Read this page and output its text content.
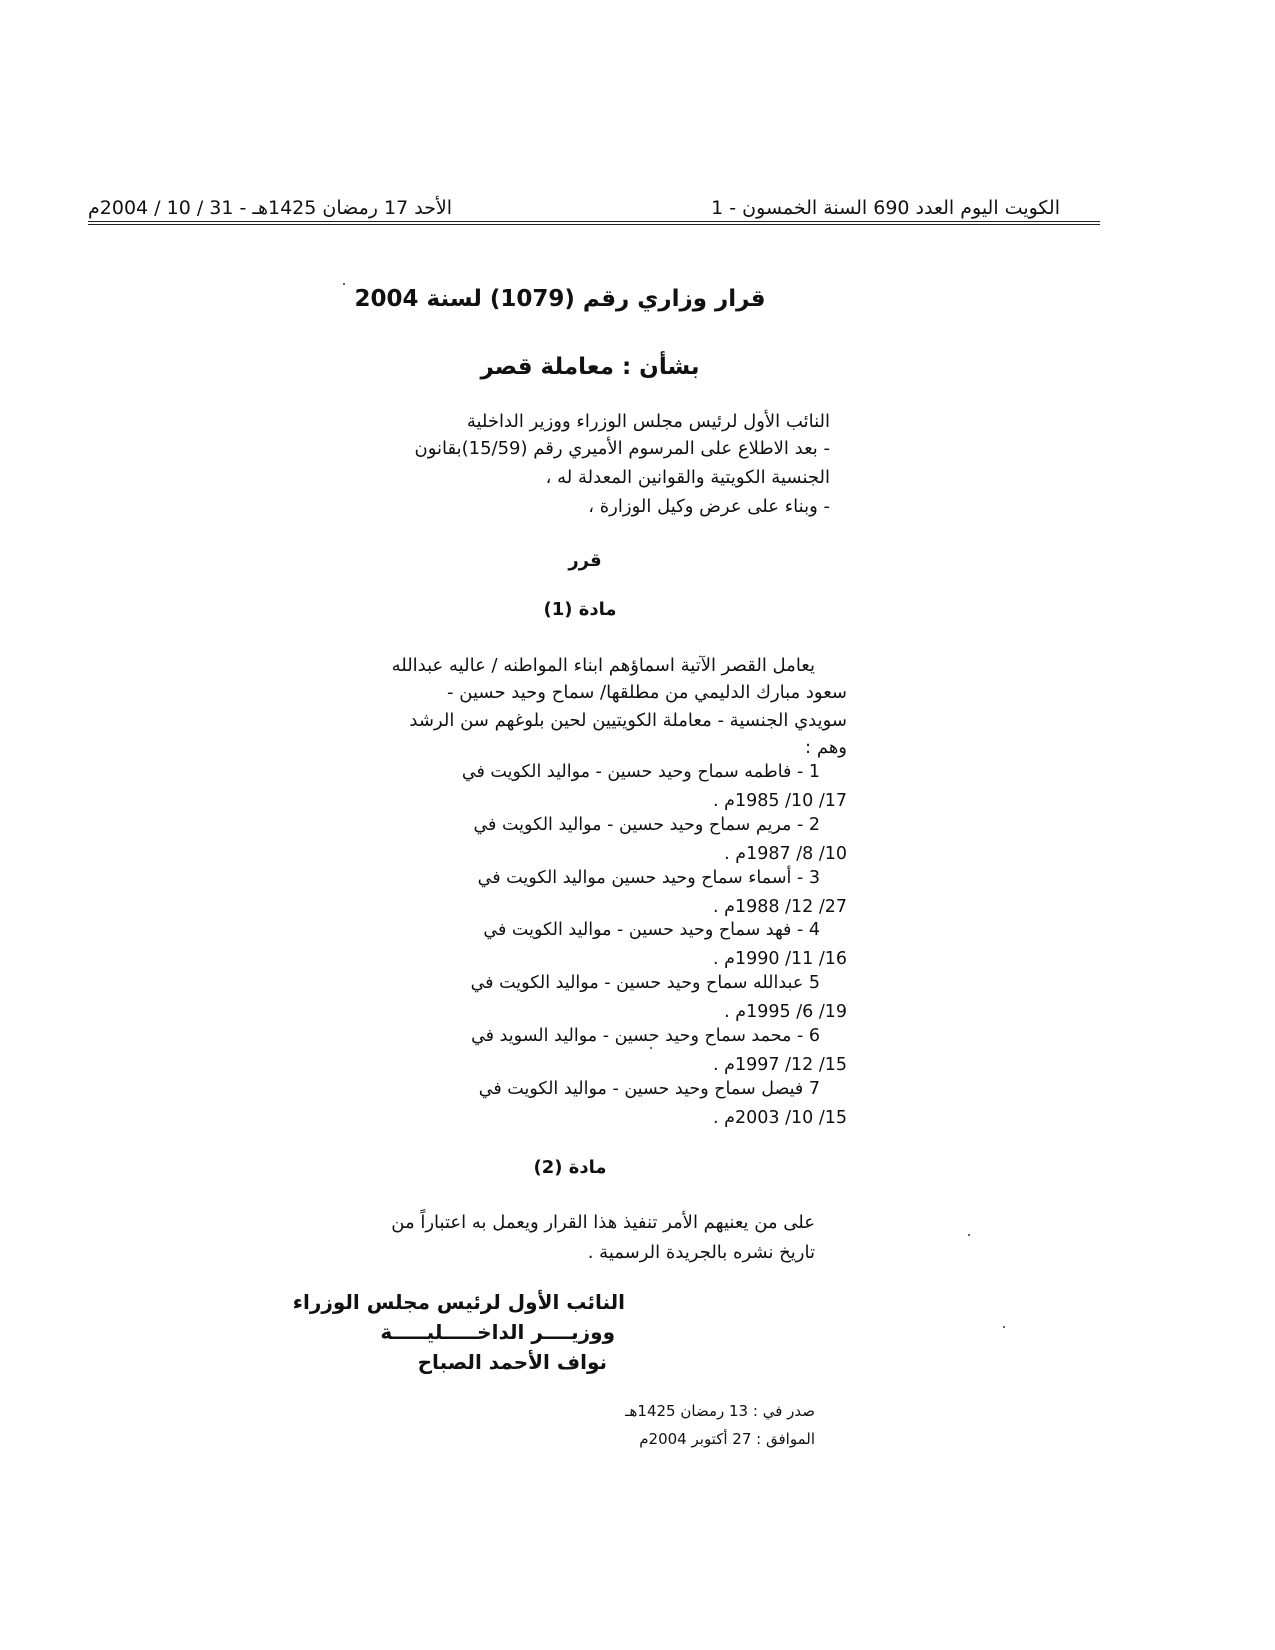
الكويت اليوم العدد 690 السنة الخمسون - 1
الأحد 17 رمضان 1425هـ - 31 / 10 / 2004م
قرار وزاري رقم (1079) لسنة 2004
بشأن : معاملة قصر
النائب الأول لرئيس مجلس الوزراء ووزير الداخلية
- بعد الاطلاع على المرسوم الأميري رقم (15/59)بقانون
الجنسية الكويتية والقوانين المعدلة له ،
- وبناء على عرض وكيل الوزارة ،
قرر
مادة (1)
يعامل القصر الآتية اسماؤهم ابناء المواطنه / عاليه عبدالله
سعود مبارك الدليمي من مطلقها/ سماح وحيد حسين -
سويدي الجنسية - معاملة الكويتيين لحين بلوغهم سن الرشد
وهم :
1 - فاطمه سماح وحيد حسين - مواليد الكويت في
17/ 10/ 1985م .
2 - مريم سماح وحيد حسين - مواليد الكويت في
10/ 8/ 1987م .
3 - أسماء سماح وحيد حسين مواليد الكويت في
27/ 12/ 1988م .
4 - فهد سماح وحيد حسين - مواليد الكويت في
16/ 11/ 1990م .
5 عبدالله سماح وحيد حسين - مواليد الكويت في
19/ 6/ 1995م .
6 - محمد سماح وحيد حسين - مواليد السويد في
15/ 12/ 1997م .
7 فيصل سماح وحيد حسين - مواليد الكويت في
15/ 10/ 2003م .
مادة (2)
على من يعنيهم الأمر تنفيذ هذا القرار ويعمل به اعتباراً من
تاريخ نشره بالجريدة الرسمية .
النائب الأول لرئيس مجلس الوزراء
ووزيــــر الداخـــــليـــــة
نواف الأحمد الصباح
صدر في : 13 رمضان 1425هـ
الموافق : 27 أكتوبر 2004م
